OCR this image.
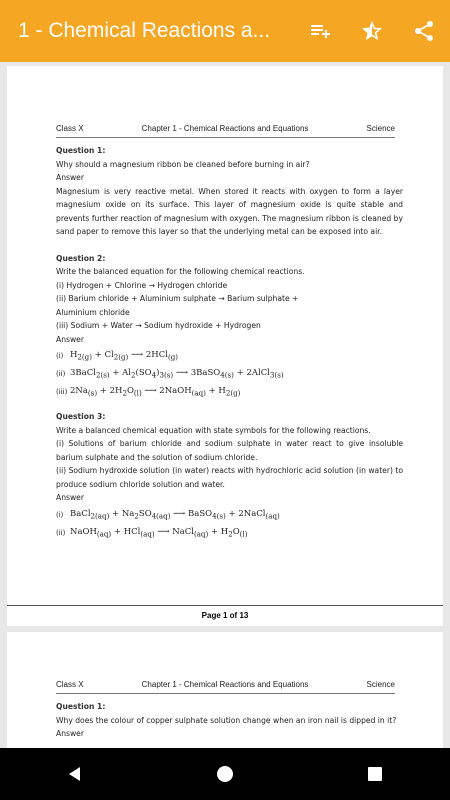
1 - Chemical Reactions a...
Class X	Chapter 1 - Chemical Reactions and Equations	Science
Question 1:
Why should a magnesium ribbon be cleaned before burning in air?
Answer
Magnesium is very reactive metal. When stored it reacts with oxygen to form a layer magnesium oxide on its surface. This layer of magnesium oxide is quite stable and prevents further reaction of magnesium with oxygen. The magnesium ribbon is cleaned by sand paper to remove this layer so that the underlying metal can be exposed into air.
Question 2:
Write the balanced equation for the following chemical reactions.
(i) Hydrogen + Chlorine → Hydrogen chloride
(ii) Barium chloride + Aluminium sulphate → Barium sulphate +
Aluminium chloride
(iii) Sodium + Water → Sodium hydroxide + Hydrogen
Answer
(i) $H_{2(g)} + Cl_{2(g)}$ ⟶ 2HCl$_{(g)}$
(ii) 3BaCl$_{2(s)}$ + $Al_2(SO_4)_{3(s)}$ ⟶ 3BaSO$_{4(s)}$ + 2AlCl$_{3(s)}$
(iii) $2Na_{(s)} + 2H_2O_{(l)}$ ⟶ 2NaOH$_{(aq)}$ + $H_{2(g)}$
Question 3:
Write a balanced chemical equation with state symbols for the following reactions.
(i) Solutions of barium chloride and sodium sulphate in water react to give insoluble barium sulphate and the solution of sodium chloride.
(ii) Sodium hydroxide solution (in water) reacts with hydrochloric acid solution (in water) to produce sodium chloride solution and water.
Answer
(i) BaCl$_{2(aq)}$ + $Na_2SO_{4(aq)}$ ⟶ BaSO$_{4(s)}$ + 2NaCl$_{(aq)}$
(ii) NaOH$_{(aq)}$ + HCl$_{(aq)}$ ⟶ NaCl$_{(aq)}$ + $H_2O_{(l)}$
Page 1 of 13
Class X	Chapter 1 - Chemical Reactions and Equations	Science
Question 1:
Why does the colour of copper sulphate solution change when an iron nail is dipped in it?
Answer
